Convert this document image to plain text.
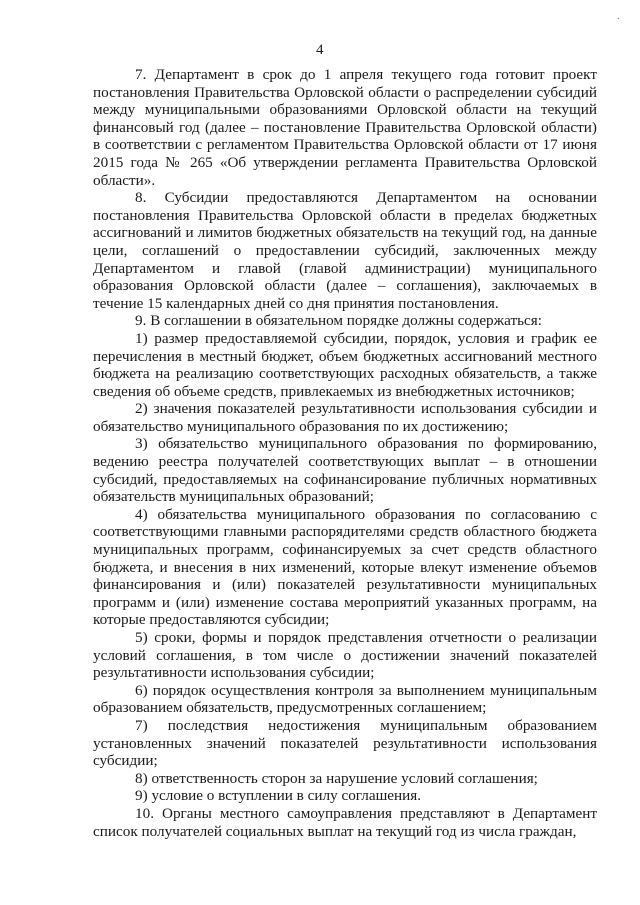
·
4

7. Департамент в срок до 1 апреля текущего года готовит проект постановления Правительства Орловской области о распределении субсидий между муниципальными образованиями Орловской области на текущий финансовый год (далее – постановление Правительства Орловской области) в соответствии с регламентом Правительства Орловской области от 17 июня 2015 года № 265 «Об утверждении регламента Правительства Орловской области».

8. Субсидии предоставляются Департаментом на основании постановления Правительства Орловской области в пределах бюджетных ассигнований и лимитов бюджетных обязательств на текущий год, на данные цели, соглашений о предоставлении субсидий, заключенных между Департаментом и главой (главой администрации) муниципального образования Орловской области (далее – соглашения), заключаемых в течение 15 календарных дней со дня принятия постановления.

9. В соглашении в обязательном порядке должны содержаться:

1) размер предоставляемой субсидии, порядок, условия и график ее перечисления в местный бюджет, объем бюджетных ассигнований местного бюджета на реализацию соответствующих расходных обязательств, а также сведения об объеме средств, привлекаемых из внебюджетных источников;

2) значения показателей результативности использования субсидии и обязательство муниципального образования по их достижению;

3) обязательство муниципального образования по формированию, ведению реестра получателей соответствующих выплат – в отношении субсидий, предоставляемых на софинансирование публичных нормативных обязательств муниципальных образований;

4) обязательства муниципального образования по согласованию с соответствующими главными распорядителями средств областного бюджета муниципальных программ, софинансируемых за счет средств областного бюджета, и внесения в них изменений, которые влекут изменение объемов финансирования и (или) показателей результативности муниципальных программ и (или) изменение состава мероприятий указанных программ, на которые предоставляются субсидии;

5) сроки, формы и порядок представления отчетности о реализации условий соглашения, в том числе о достижении значений показателей результативности использования субсидии;

6) порядок осуществления контроля за выполнением муниципальным образованием обязательств, предусмотренных соглашением;

7) последствия недостижения муниципальным образованием установленных значений показателей результативности использования субсидии;

8) ответственность сторон за нарушение условий соглашения;

9) условие о вступлении в силу соглашения.

10. Органы местного самоуправления представляют в Департамент список получателей социальных выплат на текущий год из числа граждан,
